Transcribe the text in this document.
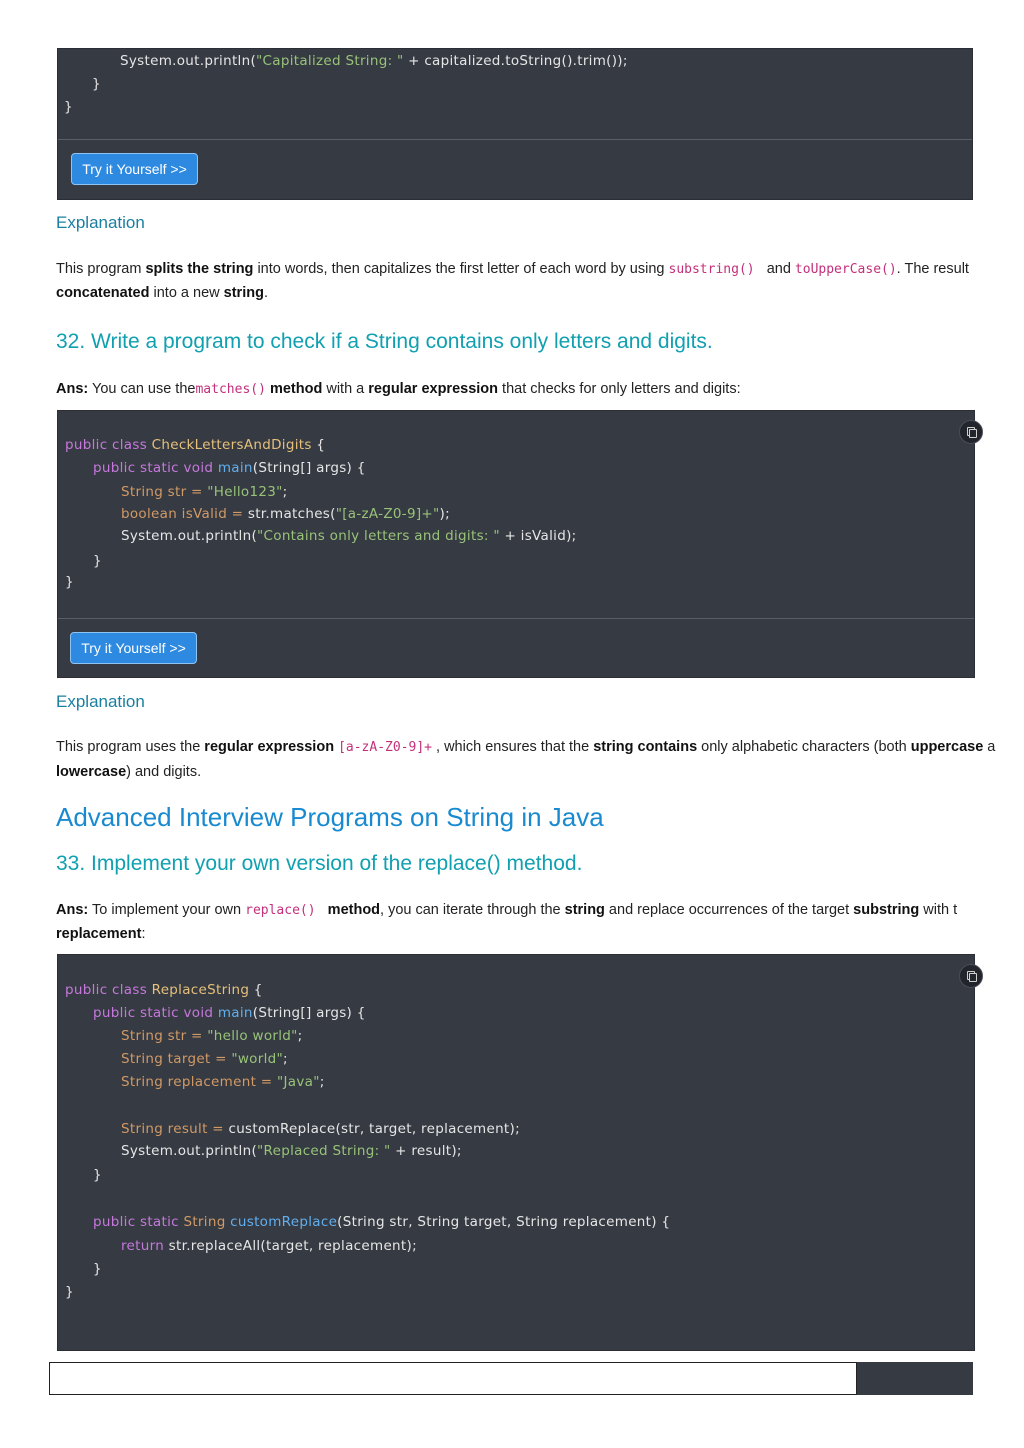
System.out.println("Capitalized String: " + capitalized.toString().trim());
}
}
Try it Yourself >>
Explanation
This program splits the string into words, then capitalizes the first letter of each word by using substring() and toUpperCase(). The result
concatenated into a new string.
32. Write a program to check if a String contains only letters and digits.
Ans: You can use thematches() method with a regular expression that checks for only letters and digits:
public class CheckLettersAndDigits {
public static void main(String[] args) {
String str = "Hello123";
boolean isValid = str.matches("[a-zA-Z0-9]+");
System.out.println("Contains only letters and digits: " + isValid);
}
}
Try it Yourself >>
Explanation
This program uses the regular expression [a-zA-Z0-9]+ , which ensures that the string contains only alphabetic characters (both uppercase a
lowercase) and digits.
Advanced Interview Programs on String in Java
33. Implement your own version of the replace() method.
Ans: To implement your own replace() method, you can iterate through the string and replace occurrences of the target substring with t
replacement:
public class ReplaceString {
public static void main(String[] args) {
String str = "hello world";
String target = "world";
String replacement = "Java";
String result = customReplace(str, target, replacement);
System.out.println("Replaced String: " + result);
}
public static String customReplace(String str, String target, String replacement) {
return str.replaceAll(target, replacement);
}
}
